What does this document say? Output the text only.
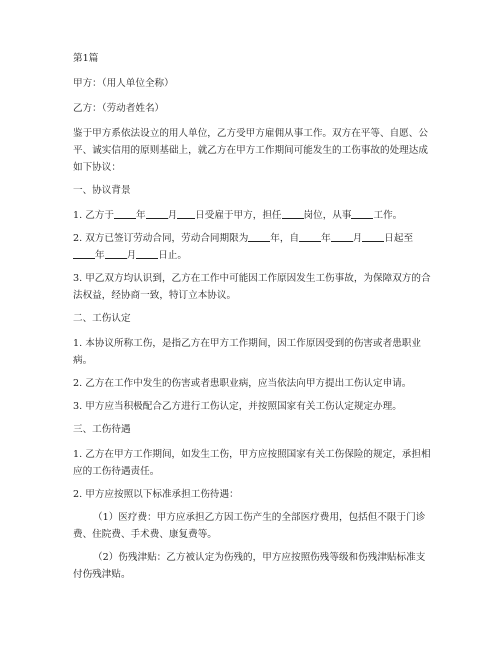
第1篇
甲方：（用人单位全称）
乙方：（劳动者姓名）
鉴于甲方系依法设立的用人单位，乙方受甲方雇佣从事工作。双方在平等、自愿、公平、诚实信用的原则基础上，就乙方在甲方工作期间可能发生的工伤事故的处理达成如下协议：
一、协议背景
1. 乙方于 年 月 日受雇于甲方，担任 岗位，从事 工作。
2. 双方已签订劳动合同，劳动合同期限为 年，自 年 月 日起至年 月 日止。
3. 甲乙双方均认识到，乙方在工作中可能因工作原因发生工伤事故，为保障双方的合法权益，经协商一致，特订立本协议。
二、工伤认定
1. 本协议所称工伤，是指乙方在甲方工作期间，因工作原因受到的伤害或者患职业病。
2. 乙方在工作中发生的伤害或者患职业病，应当依法向甲方提出工伤认定申请。
3. 甲方应当积极配合乙方进行工伤认定，并按照国家有关工伤认定规定办理。
三、工伤待遇
1. 乙方在甲方工作期间，如发生工伤，甲方应按照国家有关工伤保险的规定，承担相应的工伤待遇责任。
2. 甲方应按照以下标准承担工伤待遇：
（1）医疗费：甲方应承担乙方因工伤产生的全部医疗费用，包括但不限于门诊费、住院费、手术费、康复费等。
（2）伤残津贴：乙方被认定为伤残的，甲方应按照伤残等级和伤残津贴标准支付伤残津贴。
